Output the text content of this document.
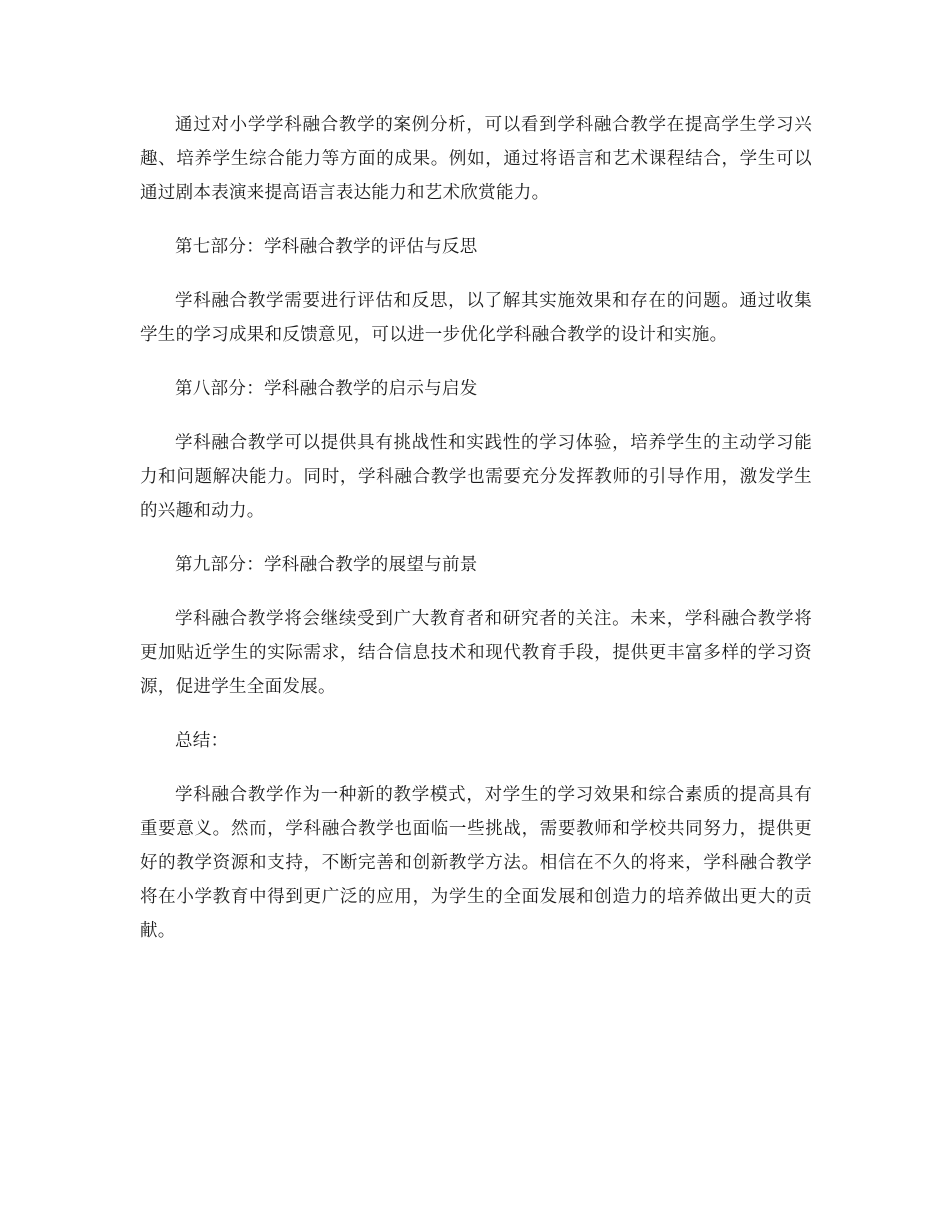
通过对小学学科融合教学的案例分析，可以看到学科融合教学在提高学生学习兴趣、培养学生综合能力等方面的成果。例如，通过将语言和艺术课程结合，学生可以通过剧本表演来提高语言表达能力和艺术欣赏能力。

第七部分：学科融合教学的评估与反思

学科融合教学需要进行评估和反思，以了解其实施效果和存在的问题。通过收集学生的学习成果和反馈意见，可以进一步优化学科融合教学的设计和实施。

第八部分：学科融合教学的启示与启发

学科融合教学可以提供具有挑战性和实践性的学习体验，培养学生的主动学习能力和问题解决能力。同时，学科融合教学也需要充分发挥教师的引导作用，激发学生的兴趣和动力。

第九部分：学科融合教学的展望与前景

学科融合教学将会继续受到广大教育者和研究者的关注。未来，学科融合教学将更加贴近学生的实际需求，结合信息技术和现代教育手段，提供更丰富多样的学习资源，促进学生全面发展。

总结：

学科融合教学作为一种新的教学模式，对学生的学习效果和综合素质的提高具有重要意义。然而，学科融合教学也面临一些挑战，需要教师和学校共同努力，提供更好的教学资源和支持，不断完善和创新教学方法。相信在不久的将来，学科融合教学将在小学教育中得到更广泛的应用，为学生的全面发展和创造力的培养做出更大的贡献。
